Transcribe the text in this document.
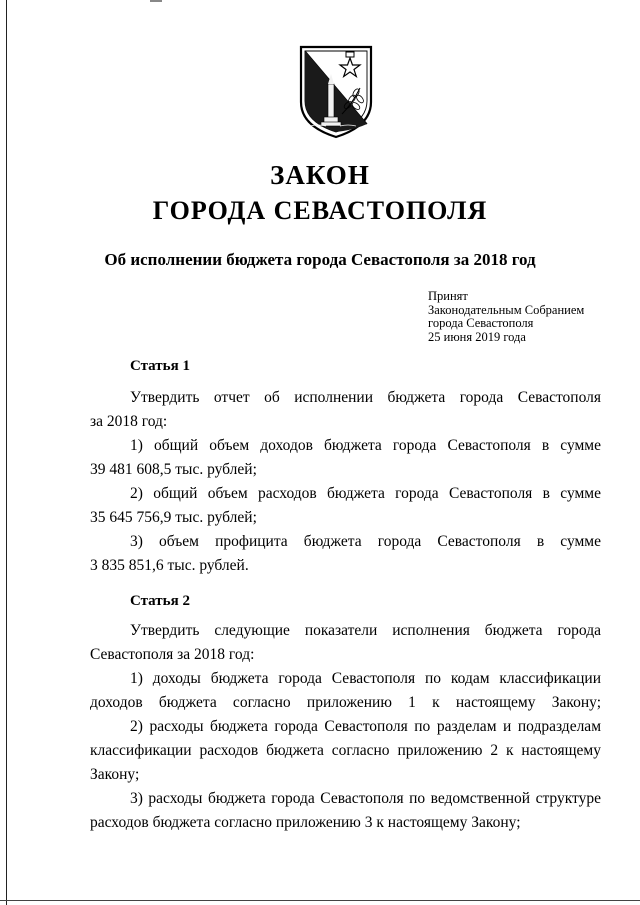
ЗАКОН
ГОРОДА СЕВАСТОПОЛЯ
Об исполнении бюджета города Севастополя за 2018 год
Принят
Законодательным Собранием
города Севастополя
25 июня 2019 года
Статья 1
Утвердить отчет об исполнении бюджета города Севастополя
за 2018 год:
1) общий объем доходов бюджета города Севастополя в сумме
39 481 608,5 тыс. рублей;
2) общий объем расходов бюджета города Севастополя в сумме
35 645 756,9 тыс. рублей;
3) объем профицита бюджета города Севастополя в сумме
3 835 851,6 тыс. рублей.
Статья 2
Утвердить следующие показатели исполнения бюджета города
Севастополя за 2018 год:
1) доходы бюджета города Севастополя по кодам классификации
доходов бюджета согласно приложению 1 к настоящему Закону;
2) расходы бюджета города Севастополя по разделам и подразделам
классификации расходов бюджета согласно приложению 2 к настоящему
Закону;
3) расходы бюджета города Севастополя по ведомственной структуре
расходов бюджета согласно приложению 3 к настоящему Закону;
